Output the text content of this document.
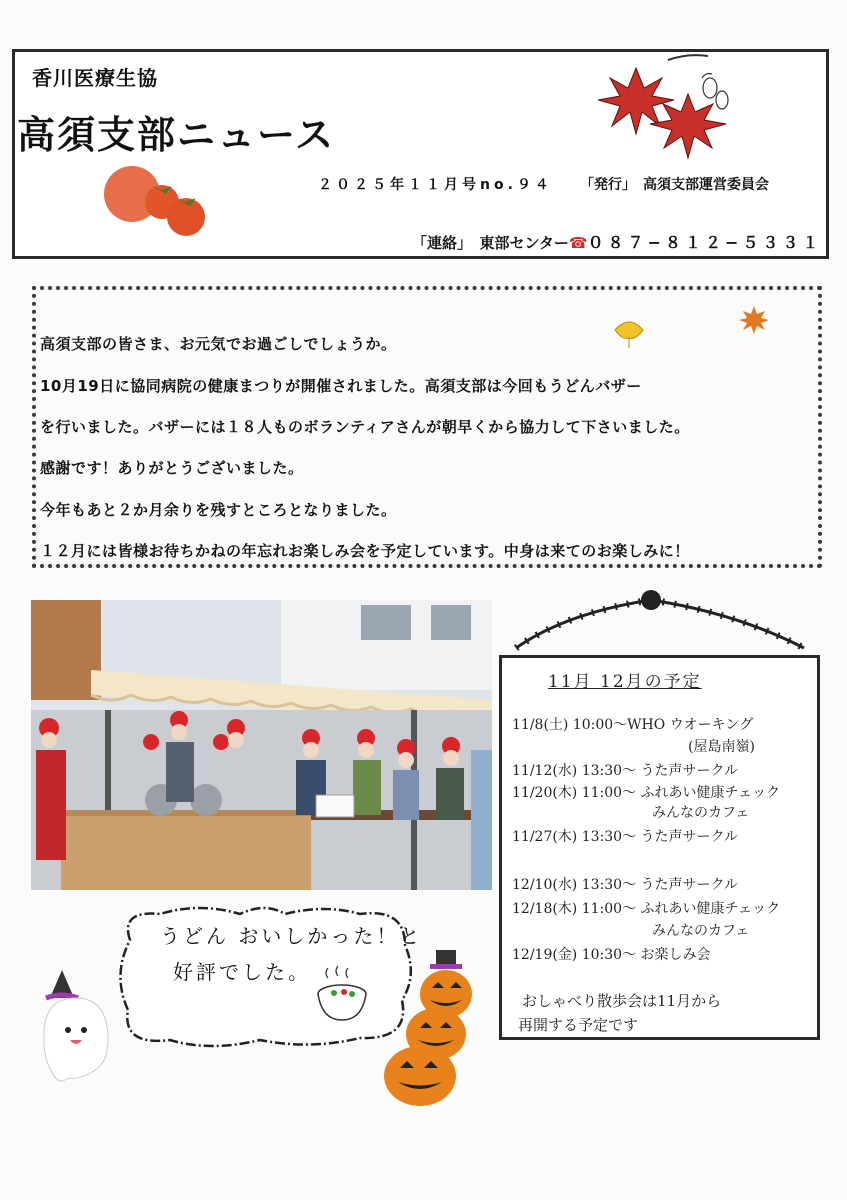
香川医療生協
高須支部ニュース
２０２５年１１月号no.９４ 「発行」　高須支部運営委員会
「連絡」　東部センター☎０８７−８１２−５３３１
高須支部の皆さま、お元気でお過ごしでしょうか。
10月19日に協同病院の健康まつりが開催されました。高須支部は今回もうどんバザー
を行いました。バザーには１８人ものボランティアさんが朝早くから協力して下さいました。
感謝です！ありがとうございました。
今年もあと２か月余りを残すところとなりました。
１２月には皆様お待ちかねの年忘れお楽しみ会を予定しています。中身は来てのお楽しみに！
11月 12月の予定
11/8(土) 10:00〜WHO ウオーキング
(屋島南嶺)
11/12(水) 13:30〜 うた声サークル
11/20(木) 11:00〜 ふれあい健康チェック
みんなのカフェ
11/27(木) 13:30〜 うた声サークル
12/10(水) 13:30〜 うた声サークル
12/18(木) 11:00〜 ふれあい健康チェック
みんなのカフェ
12/19(金) 10:30〜 お楽しみ会
おしゃべり散歩会は11月から
再開する予定です
うどん おいしかった！と
好評でした。
